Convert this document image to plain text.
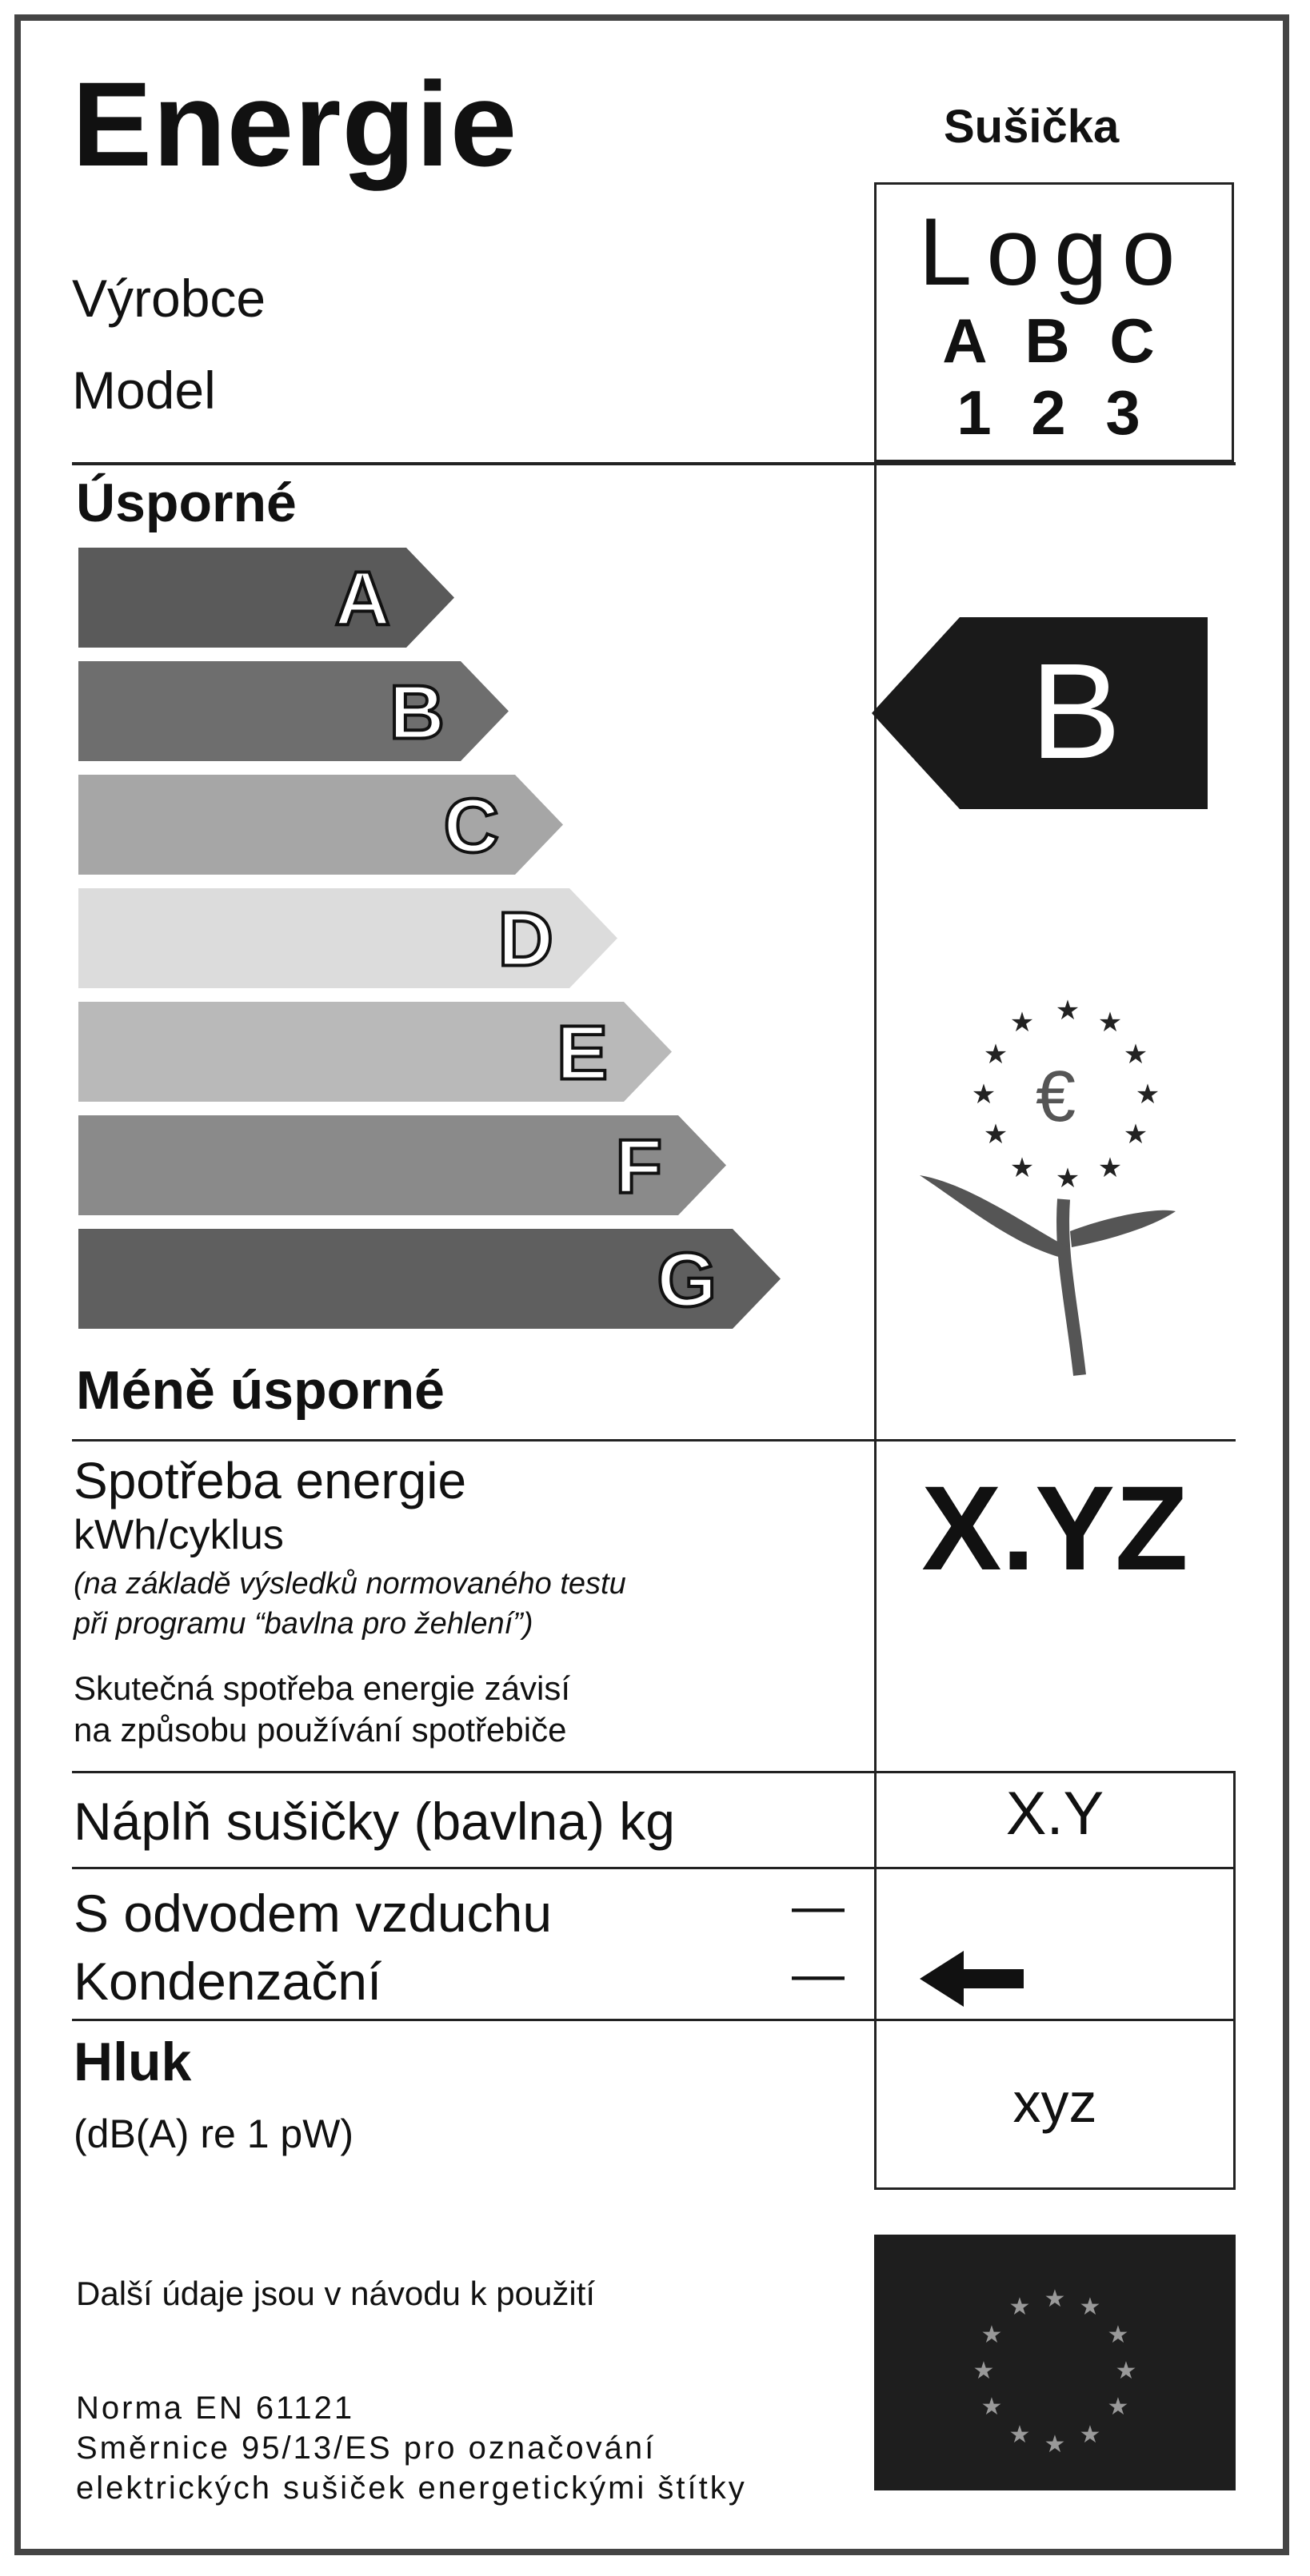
Energie	Sušička
Výrobce
Model
Logo
A B C
1 2 3
Úsporné
Méně úsporné
A
B
C
D
E
F
G
B
★ ★
★
★
★
★
★
★
★
★
★ ★
€
Spotřeba energie
kWh/cyklus
(na základě výsledků normovaného testu
při programu “bavlna pro žehlení”)
Skutečná spotřeba energie závisí
na způsobu používání spotřebiče
X.YZ
Náplň sušičky (bavlna) kg	X.Y
S odvodem vzduchu	—
Kondenzační	—
Hluk
(dB(A) re 1 pW)	xyz
Další údaje jsou v návodu k použití
Norma EN 61121
Směrnice 95/13/ES pro označování
elektrických sušiček energetickými štítky
★ ★
★
★
★
★
★
★
★
★
★ ★
